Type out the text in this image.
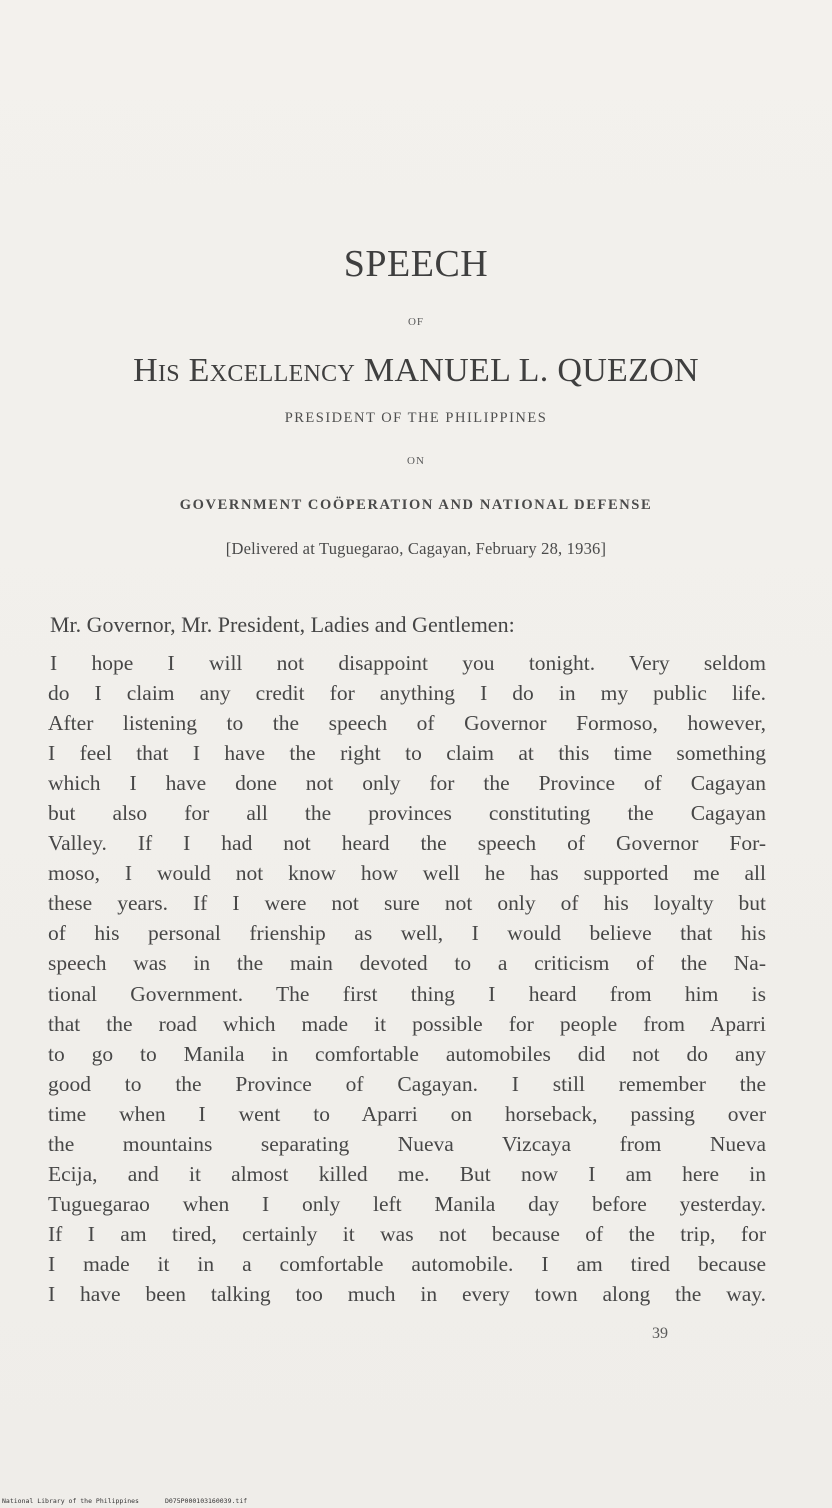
SPEECH
OF
His Excellency MANUEL L. QUEZON
PRESIDENT OF THE PHILIPPINES
ON
GOVERNMENT COÖPERATION AND NATIONAL DEFENSE
[Delivered at Tuguegarao, Cagayan, February 28, 1936]
Mr. Governor, Mr. President, Ladies and Gentlemen:
I hope I will not disappoint you tonight. Very seldom
do I claim any credit for anything I do in my public life.
After listening to the speech of Governor Formoso, however,
I feel that I have the right to claim at this time something
which I have done not only for the Province of Cagayan
but also for all the provinces constituting the Cagayan
Valley. If I had not heard the speech of Governor For-
moso, I would not know how well he has supported me all
these years. If I were not sure not only of his loyalty but
of his personal frienship as well, I would believe that his
speech was in the main devoted to a criticism of the Na-
tional Government. The first thing I heard from him is
that the road which made it possible for people from Aparri
to go to Manila in comfortable automobiles did not do any
good to the Province of Cagayan. I still remember the
time when I went to Aparri on horseback, passing over
the mountains separating Nueva Vizcaya from Nueva
Ecija, and it almost killed me. But now I am here in
Tuguegarao when I only left Manila day before yesterday.
If I am tired, certainly it was not because of the trip, for
I made it in a comfortable automobile. I am tired because
I have been talking too much in every town along the way.
39
National Library of the Philippines	D075P000103160039.tif
